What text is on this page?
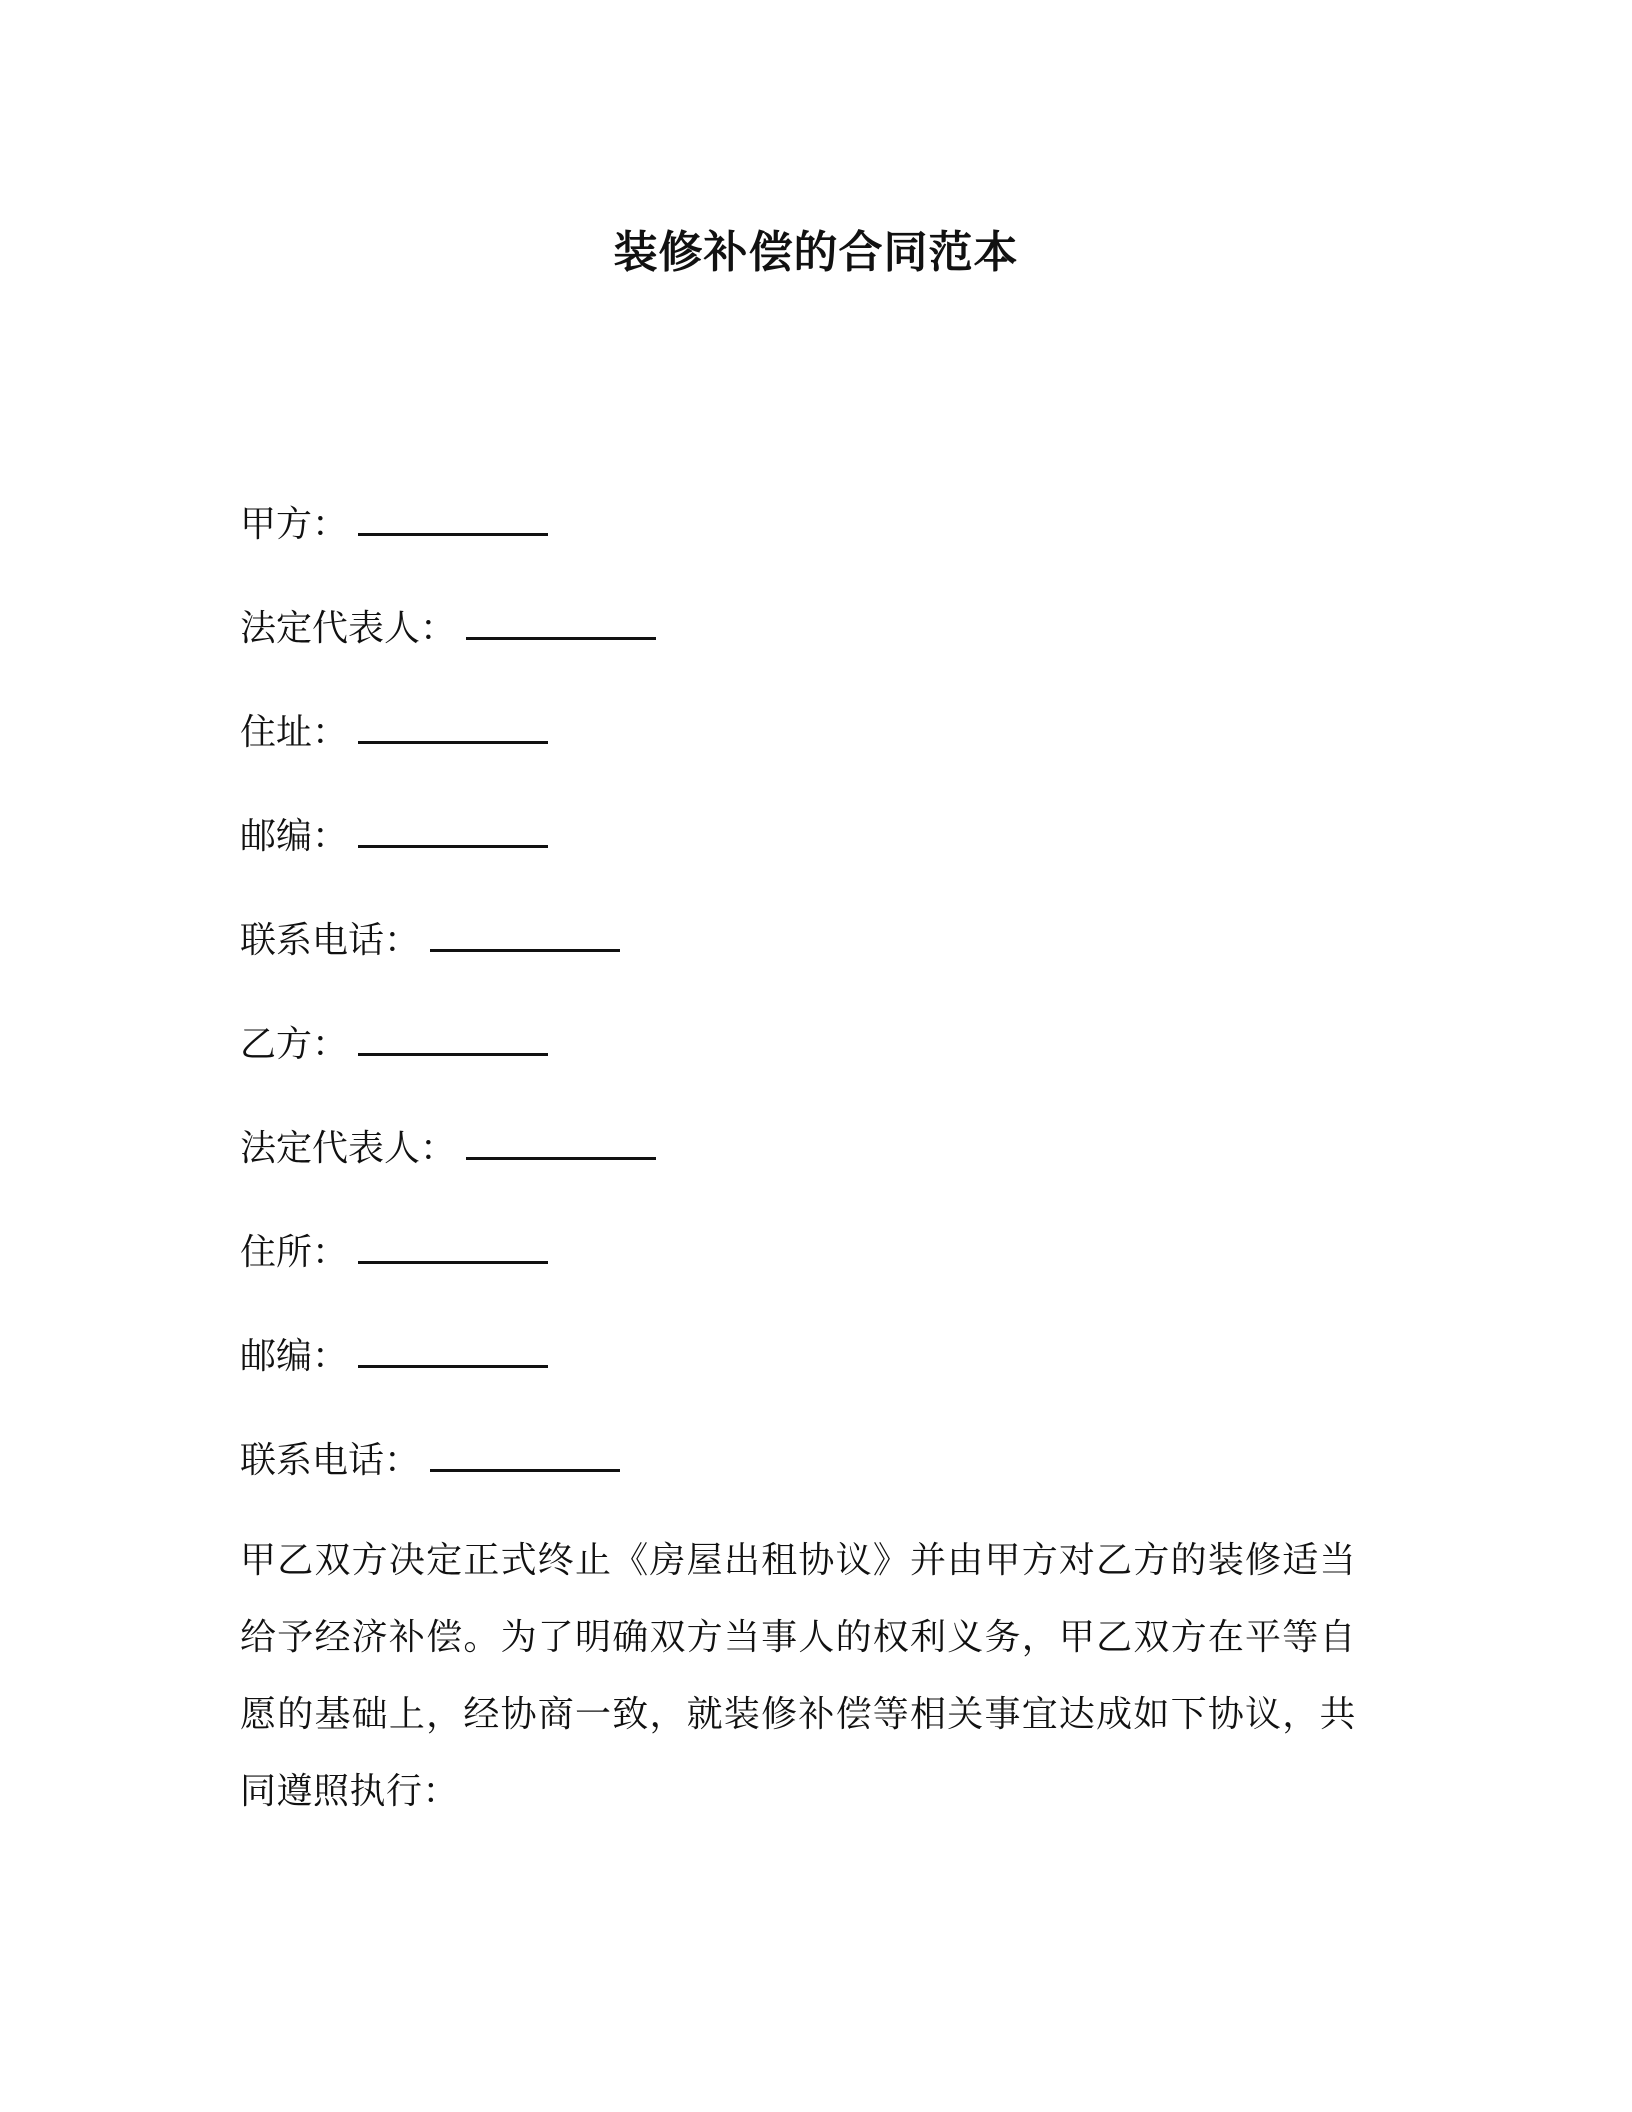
装修补偿的合同范本
甲方：
法定代表人：
住址：
邮编：
联系电话：
乙方：
法定代表人：
住所：
邮编：
联系电话：
甲乙双方决定正式终止《房屋出租协议》并由甲方对乙方的装修适当给予经济补偿。为了明确双方当事人的权利义务，甲乙双方在平等自愿的基础上，经协商一致，就装修补偿等相关事宜达成如下协议，共同遵照执行：
